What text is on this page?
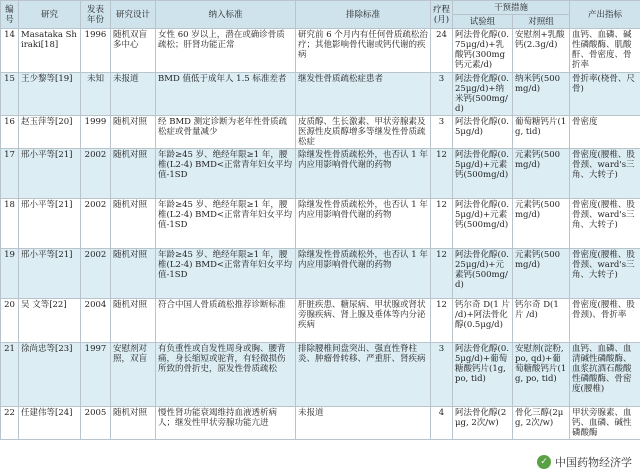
编号	研究	发表年份	研究设计	纳入标准	排除标准	疗程(月)	干预措施		产出指标
							试验组	对照组	
14	Masataka Shiraki[18]	1996	随机双盲多中心	女性 60 岁以上，潜在或确诊骨质疏松；肝肾功能正常	研究前 6 个月内有任何骨质疏松治疗；其他影响骨代谢或钙代谢的疾病	24	阿法骨化醇(0.75μg/d)+乳酸钙(300mg钙元素/d)	安慰剂+乳酸钙(2.3g/d)	血钙、血磷、碱性磷酸酶、肌酸酐、骨密度、骨折率
15	王少黎等[19]	未知	未报道	BMD 值低于成年人 1.5 标准差者	继发性骨质疏松症患者	3	阿法骨化醇(0.25μg/d)+纳米钙(500mg/d)	纳米钙(500mg/d)	骨折率(桡骨、尺骨)
16	赵玉萍等[20]	1999	随机对照	经 BMD 测定诊断为老年性骨质疏松症或骨量减少	皮质醇、生长激素、甲状旁腺素及医源性皮质醇增多等继发性骨质疏松症	3	阿法骨化醇(0.5μg/d)	葡萄糖钙片(1g, tid)	骨密度
17	邢小平等[21]	2002	随机对照	年龄≥45 岁、绝经年限≥1 年，腰椎(L2-4) BMD<正常青年妇女平均值-1SD	除继发性骨质疏松外，也否认 1 年内应用影响骨代谢的药物	12	阿法骨化醇(0.5μg/d)+元素钙(500mg/d)	元素钙(500mg/d)	骨密度(腰椎、股骨颈、ward's三角、大转子)
18	邢小平等[21]	2002	随机对照	年龄≥45 岁、绝经年限≥1 年，腰椎(L2-4) BMD<正常青年妇女平均值-1SD	除继发性骨质疏松外，也否认 1 年内应用影响骨代谢的药物	12	阿法骨化醇(0.5μg/d)+元素钙(500mg/d)	元素钙(500mg/d)	骨密度(腰椎、股骨颈、ward's三角、大转子)
19	邢小平等[21]	2002	随机对照	年龄≥45 岁、绝经年限≥1 年，腰椎(L2-4) BMD<正常青年妇女平均值-1SD	除继发性骨质疏松外，也否认 1 年内应用影响骨代谢的药物	12	阿法骨化醇(0.25μg/d)+元素钙(500mg/d)	元素钙(500mg/d)	骨密度(腰椎、股骨颈、ward's三角、大转子)
20	吴 文等[22]	2004	随机对照	符合中国人骨质疏松推荐诊断标准	肝脏疾患、糖尿病、甲状腺或肾状旁腺疾病、肾上腺及垂体等内分泌疾病	12	钙尔奇 D(1 片 /d)+阿法骨化醇(0.5μg/d)	钙尔奇 D(1 片 /d)	骨密度(腰椎、股骨颈)、骨折率
21	徐尚忠等[23]	1997	安慰剂对照，双盲	有负重性或自发性周身或胸、腰背痛，身长缩短或驼背，有轻微损伤所致的骨折史，原发性骨质疏松	排除腰椎间盘突出、强直性脊柱炎、肿瘤骨转移、严重肝、肾疾病	3	阿法骨化醇(0.5μg/d)+葡萄糖酸钙片(1g, po, tid)	安慰剂(淀粉, po, qd)+葡萄糖酸钙片(1g, po, tid)	血钙、血磷、血清碱性磷酸酶、血浆抗酒石酸酸性磷酸酶、骨密度(腰椎)
22	任建伟等[24]	2005	随机对照	慢性肾功能衰竭维持血液透析病人；继发性甲状旁腺功能亢进	未报道	4	阿法骨化醇(2μg, 2次/w)	骨化三醇(2μg, 2次/w)	甲状旁腺素、血钙、血磷、碱性磷酸酶
✓ 中国药物经济学
